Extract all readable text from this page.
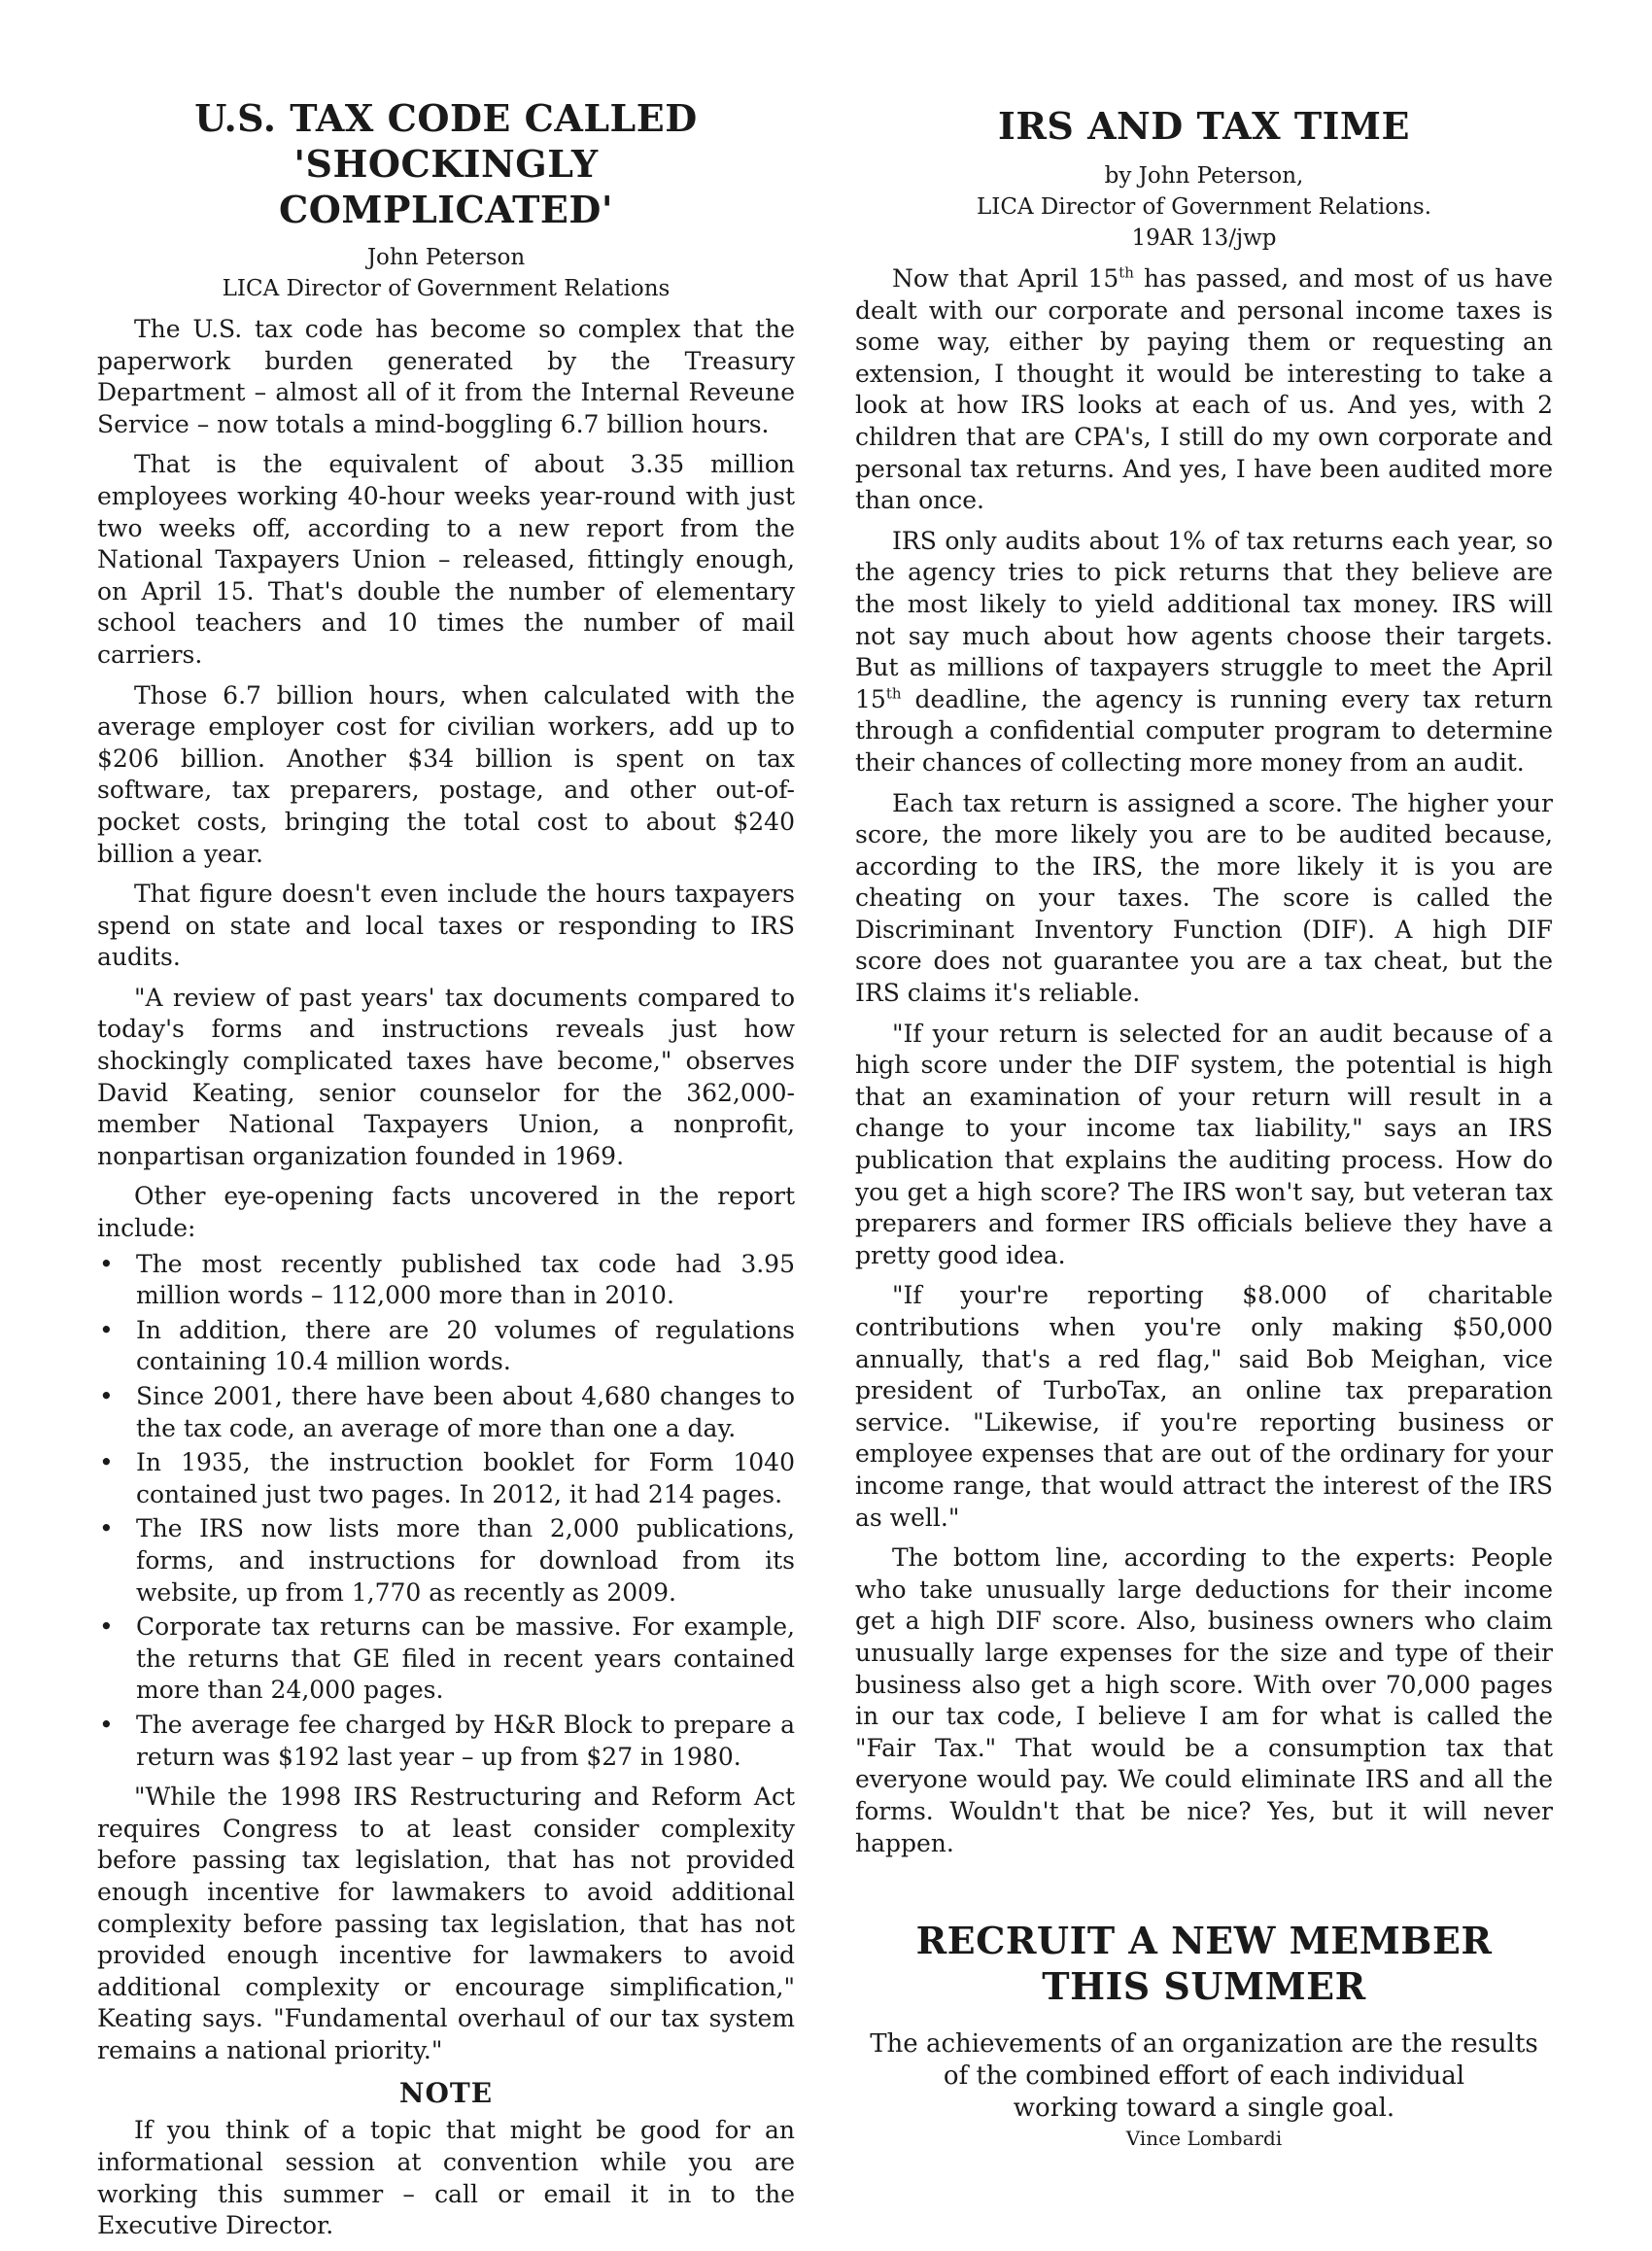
U.S. TAX CODE CALLED 'SHOCKINGLY COMPLICATED'

John Peterson

LICA Director of Government Relations

The U.S. tax code has become so complex that the paperwork burden generated by the Treasury Department – almost all of it from the Internal Reveune Service – now totals a mind-boggling 6.7 billion hours.

That is the equivalent of about 3.35 million employees working 40-hour weeks year-round with just two weeks off, according to a new report from the National Taxpayers Union – released, fittingly enough, on April 15. That's double the number of elementary school teachers and 10 times the number of mail carriers.

Those 6.7 billion hours, when calculated with the average employer cost for civilian workers, add up to $206 billion. Another $34 billion is spent on tax software, tax preparers, postage, and other out-of-pocket costs, bringing the total cost to about $240 billion a year.

That figure doesn't even include the hours taxpayers spend on state and local taxes or responding to IRS audits.

"A review of past years' tax documents compared to today's forms and instructions reveals just how shockingly complicated taxes have become," observes David Keating, senior counselor for the 362,000-member National Taxpayers Union, a nonprofit, nonpartisan organization founded in 1969.

Other eye-opening facts uncovered in the report include:

• The most recently published tax code had 3.95 million words – 112,000 more than in 2010.
• In addition, there are 20 volumes of regulations containing 10.4 million words.
• Since 2001, there have been about 4,680 changes to the tax code, an average of more than one a day.
• In 1935, the instruction booklet for Form 1040 contained just two pages. In 2012, it had 214 pages.
• The IRS now lists more than 2,000 publications, forms, and instructions for download from its website, up from 1,770 as recently as 2009.
• Corporate tax returns can be massive. For example, the returns that GE filed in recent years contained more than 24,000 pages.
• The average fee charged by H&R Block to prepare a return was $192 last year – up from $27 in 1980.

"While the 1998 IRS Restructuring and Reform Act requires Congress to at least consider complexity before passing tax legislation, that has not provided enough incentive for lawmakers to avoid additional complexity before passing tax legislation, that has not provided enough incentive for lawmakers to avoid additional complexity or encourage simplification," Keating says. "Fundamental overhaul of our tax system remains a national priority."

NOTE

If you think of a topic that might be good for an informational session at convention while you are working this summer – call or email it in to the Executive Director.

IRS AND TAX TIME

by John Peterson,

LICA Director of Government Relations.

19AR 13/jwp

Now that April 15th has passed, and most of us have dealt with our corporate and personal income taxes is some way, either by paying them or requesting an extension, I thought it would be interesting to take a look at how IRS looks at each of us. And yes, with 2 children that are CPA's, I still do my own corporate and personal tax returns. And yes, I have been audited more than once.

IRS only audits about 1% of tax returns each year, so the agency tries to pick returns that they believe are the most likely to yield additional tax money. IRS will not say much about how agents choose their targets. But as millions of taxpayers struggle to meet the April 15th deadline, the agency is running every tax return through a confidential computer program to determine their chances of collecting more money from an audit.

Each tax return is assigned a score. The higher your score, the more likely you are to be audited because, according to the IRS, the more likely it is you are cheating on your taxes. The score is called the Discriminant Inventory Function (DIF). A high DIF score does not guarantee you are a tax cheat, but the IRS claims it's reliable.

"If your return is selected for an audit because of a high score under the DIF system, the potential is high that an examination of your return will result in a change to your income tax liability," says an IRS publication that explains the auditing process. How do you get a high score? The IRS won't say, but veteran tax preparers and former IRS officials believe they have a pretty good idea.

"If your're reporting $8.000 of charitable contributions when you're only making $50,000 annually, that's a red flag," said Bob Meighan, vice president of TurboTax, an online tax preparation service. "Likewise, if you're reporting business or employee expenses that are out of the ordinary for your income range, that would attract the interest of the IRS as well."

The bottom line, according to the experts: People who take unusually large deductions for their income get a high DIF score. Also, business owners who claim unusually large expenses for the size and type of their business also get a high score. With over 70,000 pages in our tax code, I believe I am for what is called the "Fair Tax." That would be a consumption tax that everyone would pay. We could eliminate IRS and all the forms. Wouldn't that be nice? Yes, but it will never happen.

RECRUIT A NEW MEMBER
THIS SUMMER

The achievements of an organization are the results

of the combined effort of each individual

working toward a single goal.

Vince Lombardi
